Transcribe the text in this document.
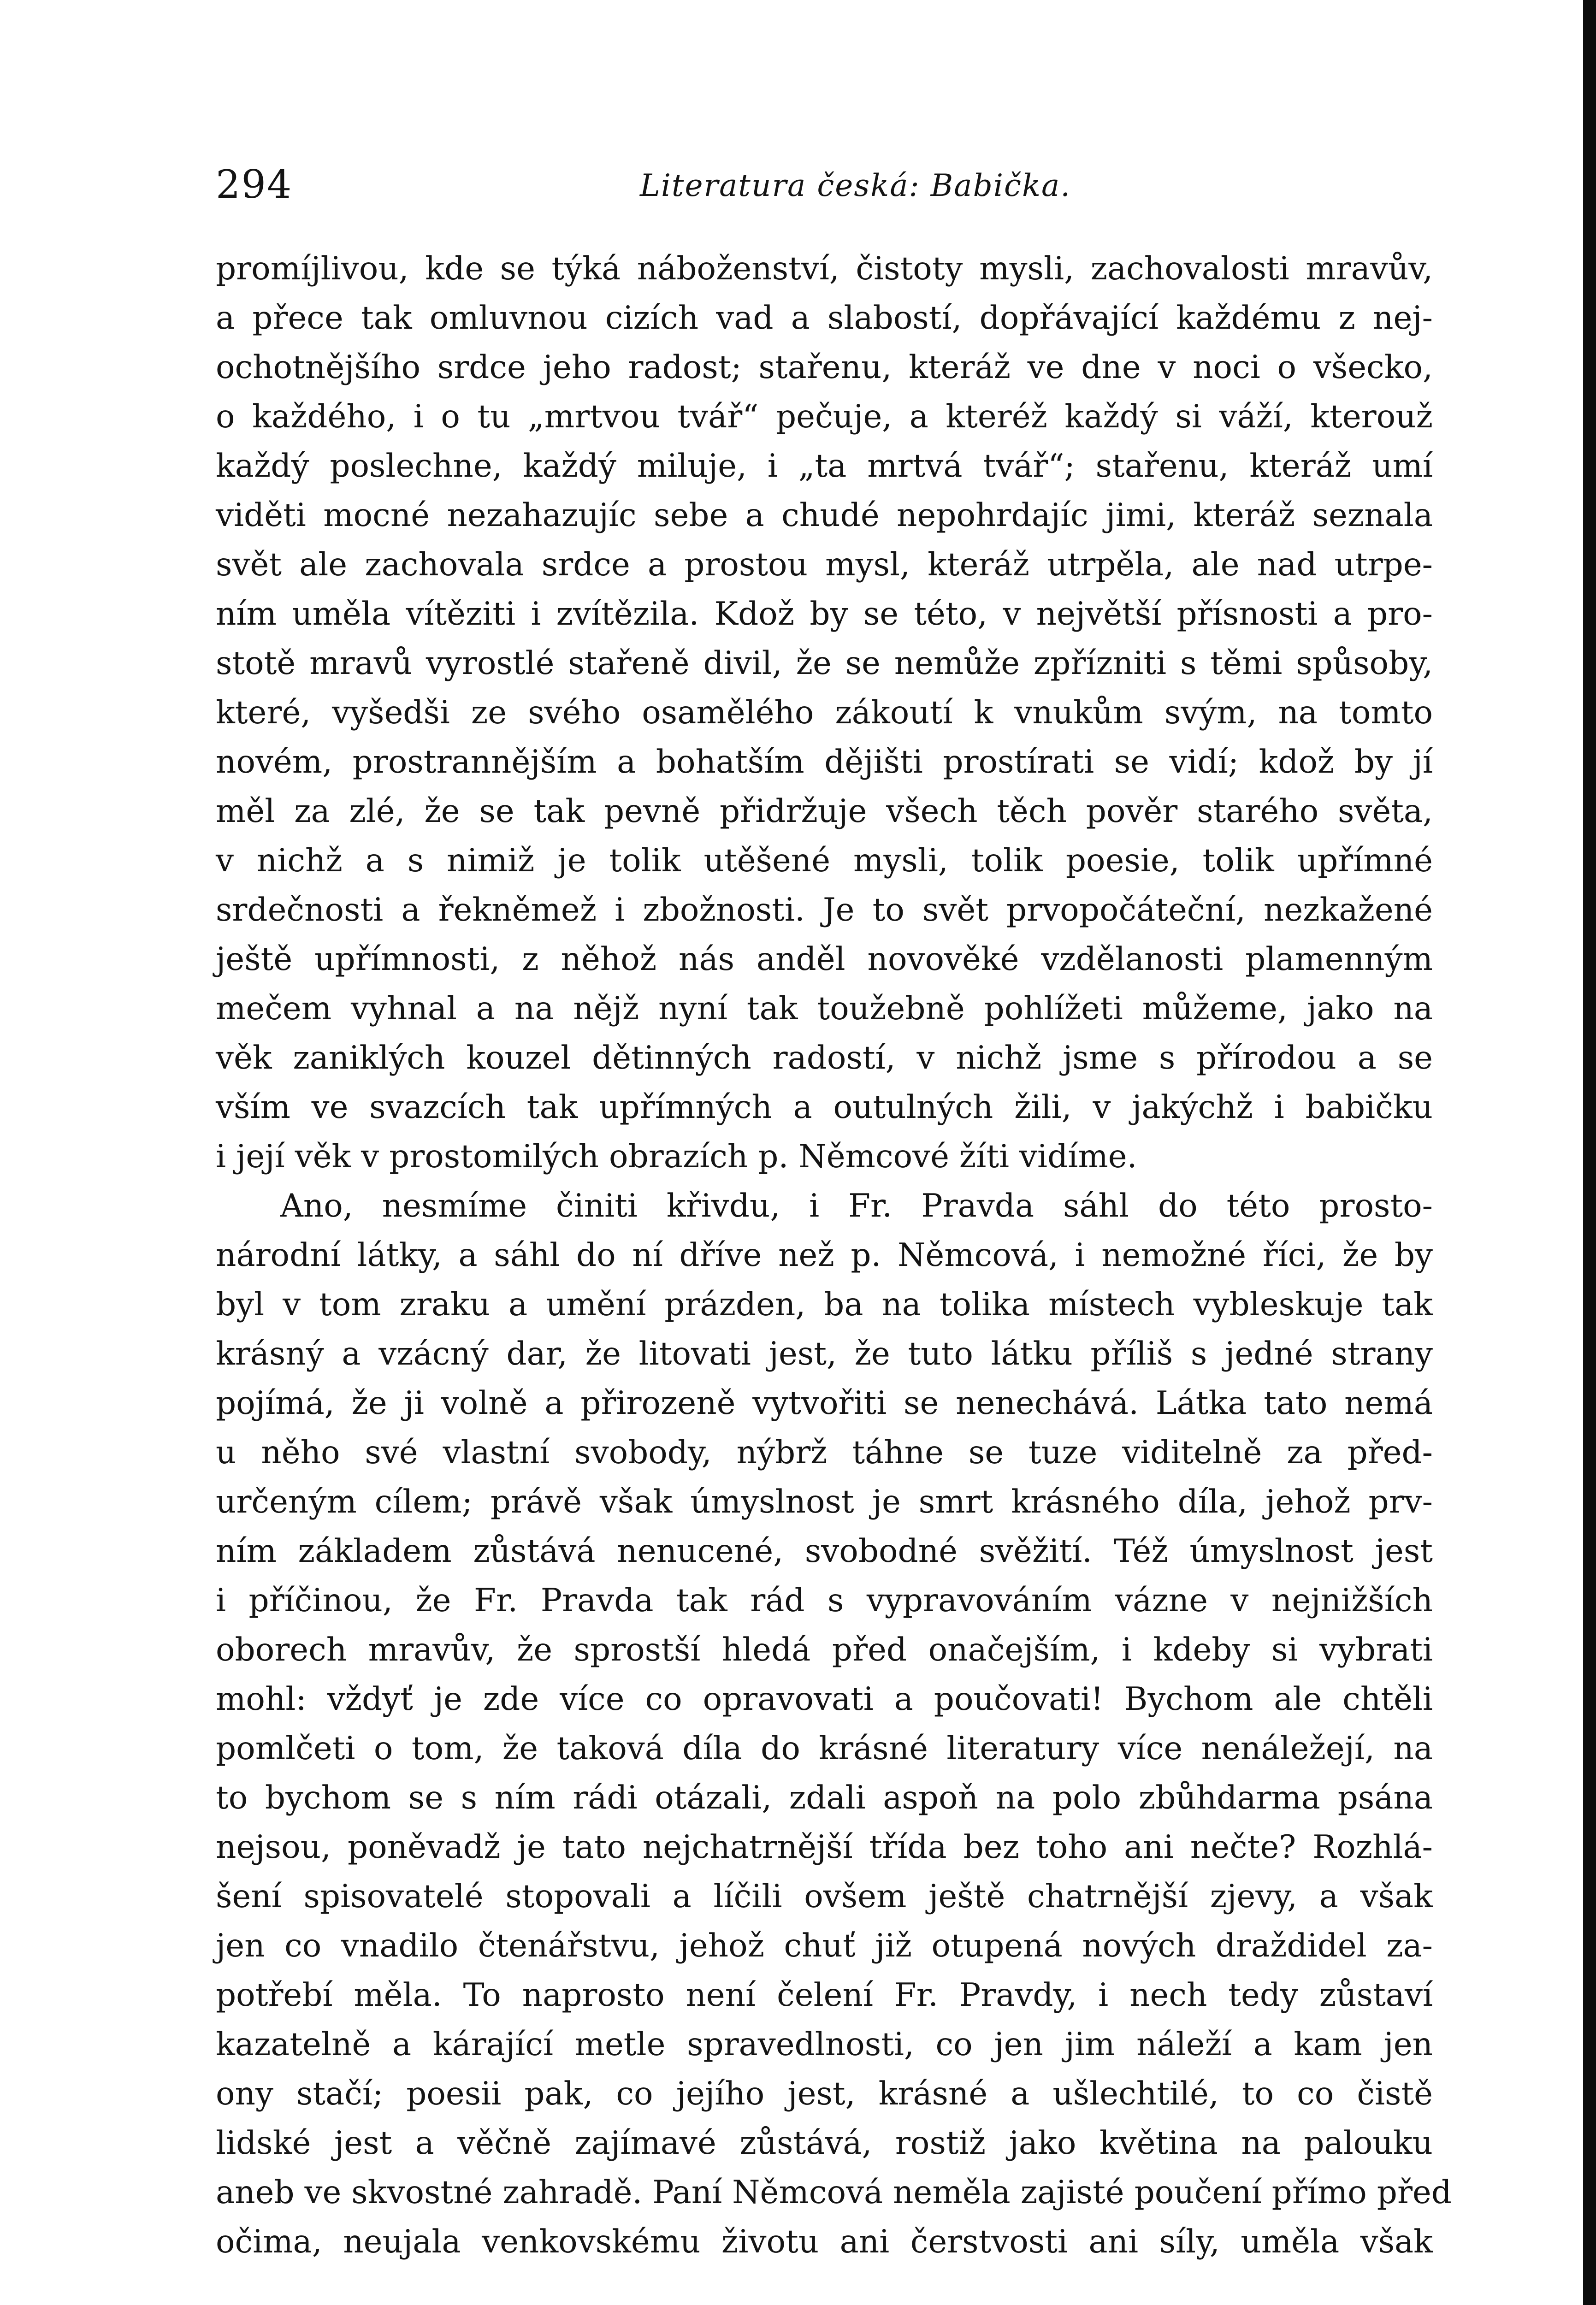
294	Literatura česká: Babička.
promíjlivou, kde se týká náboženství, čistoty mysli, zachovalosti mravův,
a přece tak omluvnou cizích vad a slabostí, dopřávající každému z nej-
ochotnějšího srdce jeho radost; stařenu, kteráž ve dne v noci o všecko,
o každého, i o tu „mrtvou tvář“ pečuje, a kteréž každý si váží, kterouž
každý poslechne, každý miluje, i „ta mrtvá tvář“; stařenu, kteráž umí
viděti mocné nezahazujíc sebe a chudé nepohrdajíc jimi, kteráž seznala
svět ale zachovala srdce a prostou mysl, kteráž utrpěla, ale nad utrpe-
ním uměla vítěziti i zvítězila. Kdož by se této, v největší přísnosti a pro-
stotě mravů vyrostlé stařeně divil, že se nemůže zpřízniti s těmi spůsoby,
které, vyšedši ze svého osamělého zákoutí k vnukům svým, na tomto
novém, prostrannějším a bohatším dějišti prostírati se vidí; kdož by jí
měl za zlé, že se tak pevně přidržuje všech těch pověr starého světa,
v nichž a s nimiž je tolik utěšené mysli, tolik poesie, tolik upřímné
srdečnosti a řekněmež i zbožnosti. Je to svět prvopočáteční, nezkažené
ještě upřímnosti, z něhož nás anděl novověké vzdělanosti plamenným
mečem vyhnal a na nějž nyní tak toužebně pohlížeti můžeme, jako na
věk zaniklých kouzel dětinných radostí, v nichž jsme s přírodou a se
vším ve svazcích tak upřímných a outulných žili, v jakýchž i babičku
i její věk v prostomilých obrazích p. Němcové žíti vidíme.
Ano, nesmíme činiti křivdu, i Fr. Pravda sáhl do této prosto-
národní látky, a sáhl do ní dříve než p. Němcová, i nemožné říci, že by
byl v tom zraku a umění prázden, ba na tolika místech vybleskuje tak
krásný a vzácný dar, že litovati jest, že tuto látku příliš s jedné strany
pojímá, že ji volně a přirozeně vytvořiti se nenechává. Látka tato nemá
u něho své vlastní svobody, nýbrž táhne se tuze viditelně za před-
určeným cílem; právě však úmyslnost je smrt krásného díla, jehož prv-
ním základem zůstává nenucené, svobodné svěžití. Též úmyslnost jest
i příčinou, že Fr. Pravda tak rád s vypravováním vázne v nejnižších
oborech mravův, že sprostší hledá před onačejším, i kdeby si vybrati
mohl: vždyť je zde více co opravovati a poučovati! Bychom ale chtěli
pomlčeti o tom, že taková díla do krásné literatury více nenáležejí, na
to bychom se s ním rádi otázali, zdali aspoň na polo zbůhdarma psána
nejsou, poněvadž je tato nejchatrnější třída bez toho ani nečte? Rozhlá-
šení spisovatelé stopovali a líčili ovšem ještě chatrnější zjevy, a však
jen co vnadilo čtenářstvu, jehož chuť již otupená nových draždidel za-
potřebí měla. To naprosto není čelení Fr. Pravdy, i nech tedy zůstaví
kazatelně a kárající metle spravedlnosti, co jen jim náleží a kam jen
ony stačí; poesii pak, co jejího jest, krásné a ušlechtilé, to co čistě
lidské jest a věčně zajímavé zůstává, rostiž jako květina na palouku
aneb ve skvostné zahradě. Paní Němcová neměla zajisté poučení přímo před
očima, neujala venkovskému životu ani čerstvosti ani síly, uměla však
